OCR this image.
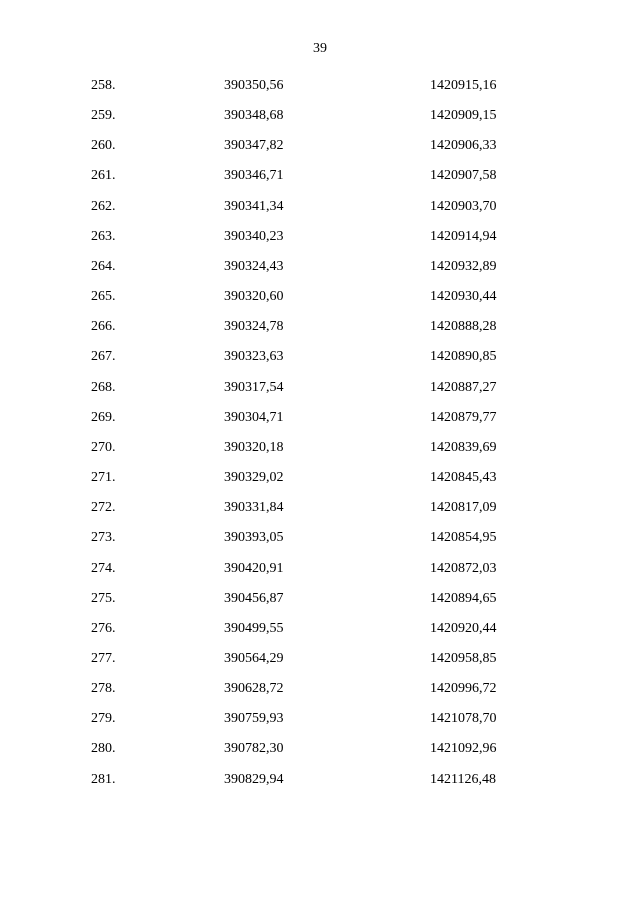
39
258.	390350,56	1420915,16
259.	390348,68	1420909,15
260.	390347,82	1420906,33
261.	390346,71	1420907,58
262.	390341,34	1420903,70
263.	390340,23	1420914,94
264.	390324,43	1420932,89
265.	390320,60	1420930,44
266.	390324,78	1420888,28
267.	390323,63	1420890,85
268.	390317,54	1420887,27
269.	390304,71	1420879,77
270.	390320,18	1420839,69
271.	390329,02	1420845,43
272.	390331,84	1420817,09
273.	390393,05	1420854,95
274.	390420,91	1420872,03
275.	390456,87	1420894,65
276.	390499,55	1420920,44
277.	390564,29	1420958,85
278.	390628,72	1420996,72
279.	390759,93	1421078,70
280.	390782,30	1421092,96
281.	390829,94	1421126,48
